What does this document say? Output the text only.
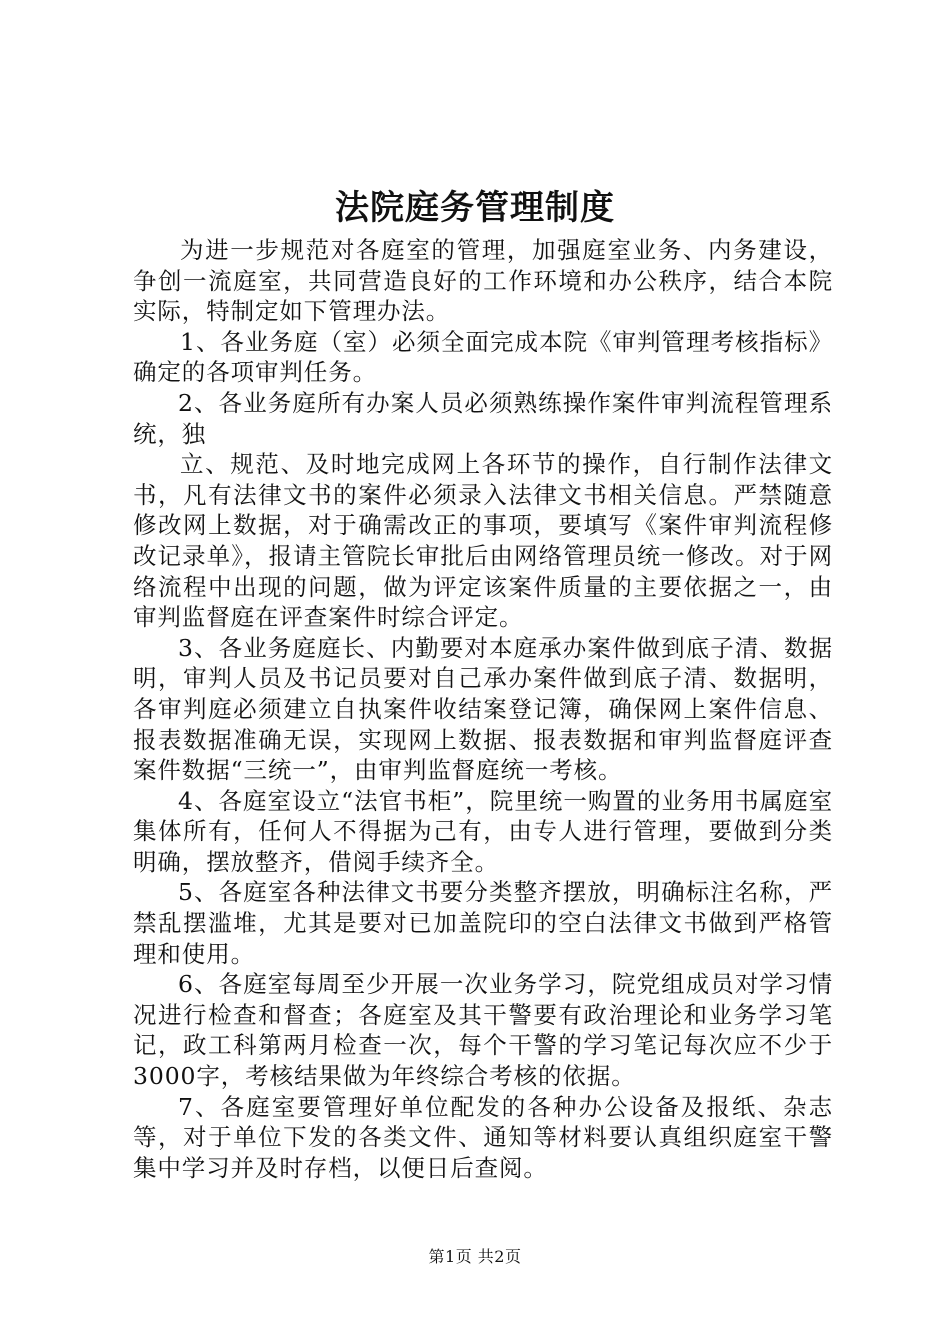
法院庭务管理制度

为进一步规范对各庭室的管理，加强庭室业务、内务建设，争创一流庭室，共同营造良好的工作环境和办公秩序，结合本院实际，特制定如下管理办法。

1、各业务庭（室）必须全面完成本院《审判管理考核指标》确定的各项审判任务。

2、各业务庭所有办案人员必须熟练操作案件审判流程管理系统，独

立、规范、及时地完成网上各环节的操作，自行制作法律文书，凡有法律文书的案件必须录入法律文书相关信息。严禁随意修改网上数据，对于确需改正的事项，要填写《案件审判流程修改记录单》，报请主管院长审批后由网络管理员统一修改。对于网络流程中出现的问题，做为评定该案件质量的主要依据之一，由审判监督庭在评查案件时综合评定。

3、各业务庭庭长、内勤要对本庭承办案件做到底子清、数据明，审判人员及书记员要对自己承办案件做到底子清、数据明，各审判庭必须建立自执案件收结案登记簿，确保网上案件信息、报表数据准确无误，实现网上数据、报表数据和审判监督庭评查案件数据“三统一”，由审判监督庭统一考核。

4、各庭室设立“法官书柜”，院里统一购置的业务用书属庭室集体所有，任何人不得据为己有，由专人进行管理，要做到分类明确，摆放整齐，借阅手续齐全。

5、各庭室各种法律文书要分类整齐摆放，明确标注名称，严禁乱摆滥堆，尤其是要对已加盖院印的空白法律文书做到严格管理和使用。

6、各庭室每周至少开展一次业务学习，院党组成员对学习情况进行检查和督查；各庭室及其干警要有政治理论和业务学习笔记，政工科第两月检查一次，每个干警的学习笔记每次应不少于3000字，考核结果做为年终综合考核的依据。

7、各庭室要管理好单位配发的各种办公设备及报纸、杂志等，对于单位下发的各类文件、通知等材料要认真组织庭室干警集中学习并及时存档，以便日后查阅。

第1页 共2页
